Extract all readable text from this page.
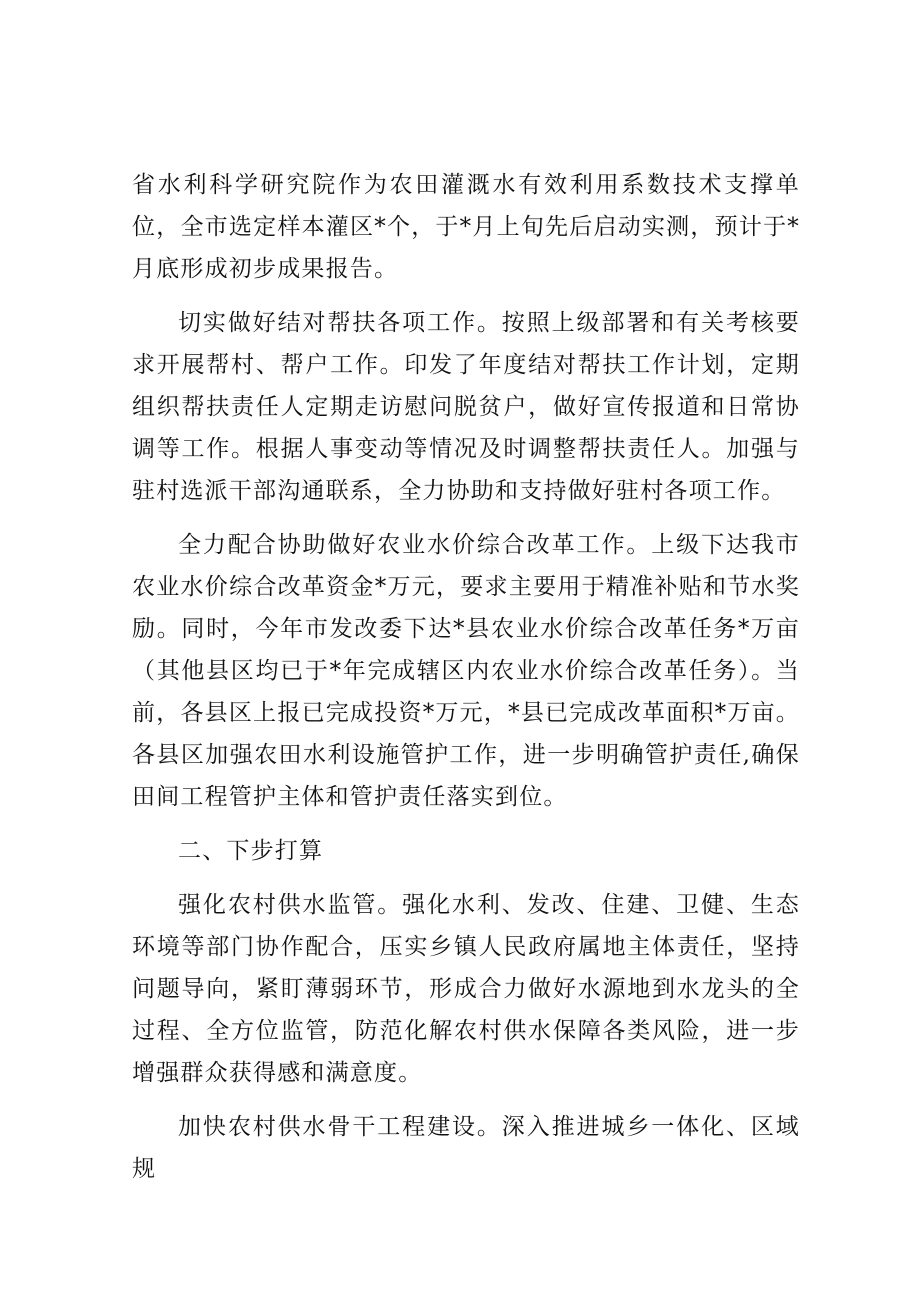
省水利科学研究院作为农田灌溉水有效利用系数技术支撑单位，全市选定样本灌区*个，于*月上旬先后启动实测，预计于*月底形成初步成果报告。

切实做好结对帮扶各项工作。按照上级部署和有关考核要求开展帮村、帮户工作。印发了年度结对帮扶工作计划，定期组织帮扶责任人定期走访慰问脱贫户，做好宣传报道和日常协调等工作。根据人事变动等情况及时调整帮扶责任人。加强与驻村选派干部沟通联系，全力协助和支持做好驻村各项工作。

全力配合协助做好农业水价综合改革工作。上级下达我市农业水价综合改革资金*万元，要求主要用于精准补贴和节水奖励。同时，今年市发改委下达*县农业水价综合改革任务*万亩（其他县区均已于*年完成辖区内农业水价综合改革任务）。当前，各县区上报已完成投资*万元，*县已完成改革面积*万亩。各县区加强农田水利设施管护工作，进一步明确管护责任,确保田间工程管护主体和管护责任落实到位。

二、下步打算

强化农村供水监管。强化水利、发改、住建、卫健、生态环境等部门协作配合，压实乡镇人民政府属地主体责任，坚持问题导向，紧盯薄弱环节，形成合力做好水源地到水龙头的全过程、全方位监管，防范化解农村供水保障各类风险，进一步增强群众获得感和满意度。

加快农村供水骨干工程建设。深入推进城乡一体化、区域规
